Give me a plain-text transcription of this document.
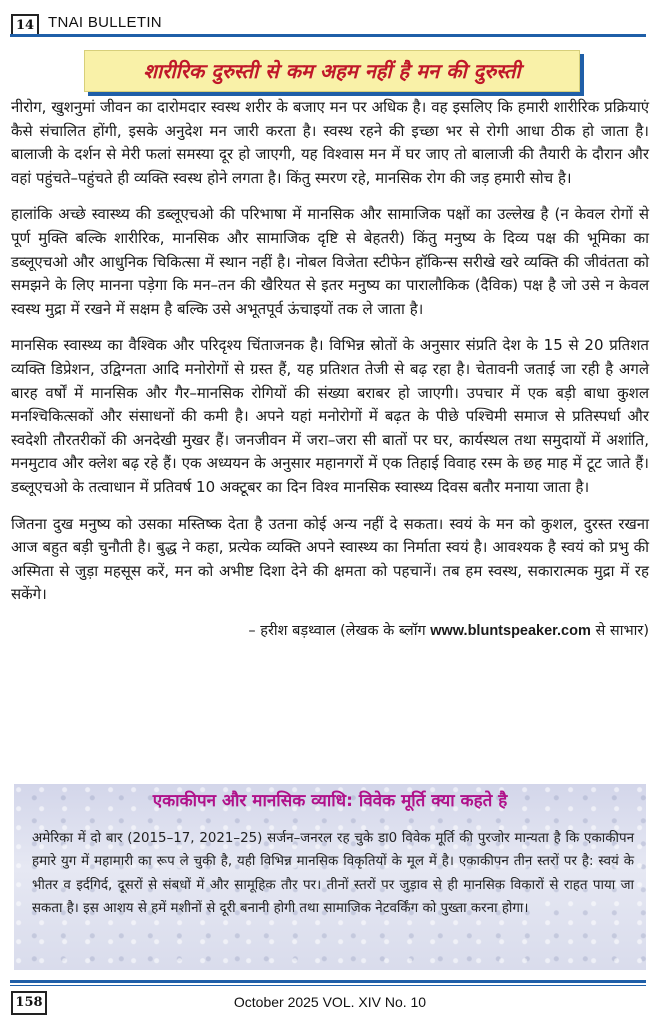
14 TNAI BULLETIN
शारीरिक दुरुस्ती से कम अहम नहीं है मन की दुरुस्ती

नीरोग, खुशनुमां जीवन का दारोमदार स्वस्थ शरीर के बजाए मन पर अधिक है। वह इसलिए कि हमारी शारीरिक प्रक्रियाएं कैसे संचालित होंगी, इसके अनुदेश मन जारी करता है। स्वस्थ रहने की इच्छा भर से रोगी आधा ठीक हो जाता है। बालाजी के दर्शन से मेरी फलां समस्या दूर हो जाएगी, यह विश्वास मन में घर जाए तो बालाजी की तैयारी के दौरान और वहां पहुंचते–पहुंचते ही व्यक्ति स्वस्थ होने लगता है। किंतु स्मरण रहे, मानसिक रोग की जड़ हमारी सोच है।

हालांकि अच्छे स्वास्थ्य की डब्लूएचओ की परिभाषा में मानसिक और सामाजिक पक्षों का उल्लेख है (न केवल रोगों से पूर्ण मुक्ति बल्कि शारीरिक, मानसिक और सामाजिक दृष्टि से बेहतरी) किंतु मनुष्य के दिव्य पक्ष की भूमिका का डब्लूएचओ और आधुनिक चिकित्सा में स्थान नहीं है। नोबल विजेता स्टीफेन हॉकिन्स सरीखे खरे व्यक्ति की जीवंतता को समझने के लिए मानना पड़ेगा कि मन–तन की खैरियत से इतर मनुष्य का पारालौकिक (दैविक) पक्ष है जो उसे न केवल स्वस्थ मुद्रा में रखने में सक्षम है बल्कि उसे अभूतपूर्व ऊंचाइयों तक ले जाता है।

मानसिक स्वास्थ्य का वैश्विक और परिदृश्य चिंताजनक है। विभिन्न स्रोतों के अनुसार संप्रति देश के 15 से 20 प्रतिशत व्यक्ति डिप्रेशन, उद्विग्नता आदि मनोरोगों से ग्रस्त हैं, यह प्रतिशत तेजी से बढ़ रहा है। चेतावनी जताई जा रही है अगले बारह वर्षों में मानसिक और गैर–मानसिक रोगियों की संख्या बराबर हो जाएगी। उपचार में एक बड़ी बाधा कुशल मनश्चिकित्सकों और संसाधनों की कमी है। अपने यहां मनोरोगों में बढ़त के पीछे पश्चिमी समाज से प्रतिस्पर्धा और स्वदेशी तौरतरीकों की अनदेखी मुखर हैं। जनजीवन में जरा–जरा सी बातों पर घर, कार्यस्थल तथा समुदायों में अशांति, मनमुटाव और क्लेश बढ़ रहे हैं। एक अध्ययन के अनुसार महानगरों में एक तिहाई विवाह रस्म के छह माह में टूट जाते हैं। डब्लूएचओ के तत्वाधान में प्रतिवर्ष 10 अक्टूबर का दिन विश्व मानसिक स्वास्थ्य दिवस बतौर मनाया जाता है।

जितना दुख मनुष्य को उसका मस्तिष्क देता है उतना कोई अन्य नहीं दे सकता। स्वयं के मन को कुशल, दुरस्त रखना आज बहुत बड़ी चुनौती है। बुद्ध ने कहा, प्रत्येक व्यक्ति अपने स्वास्थ्य का निर्माता स्वयं है। आवश्यक है स्वयं को प्रभु की अस्मिता से जुड़ा महसूस करें, मन को अभीष्ट दिशा देने की क्षमता को पहचानें। तब हम स्वस्थ, सकारात्मक मुद्रा में रह सकेंगे।

– हरीश बड़थ्वाल (लेखक के ब्लॉग www.bluntspeaker.com से साभार)

एकाकीपन और मानसिक व्याधि: विवेक मूर्ति क्या कहते है
अमेरिका में दो बार (2015–17, 2021–25) सर्जन–जनरल रह चुके डा0 विवेक मूर्ति की पुरजोर मान्यता है कि एकाकीपन हमारे युग में महामारी का रूप ले चुकी है, यही विभिन्न मानसिक विकृतियों के मूल में है। एकाकीपन तीन स्तरों पर है: स्वयं के भीतर व इर्दगिर्द, दूसरों से संबधों में और सामूहिक तौर पर। तीनों स्तरों पर जुड़ाव से ही मानसिक विकारों से राहत पाया जा सकता है। इस आशय से हमें मशीनों से दूरी बनानी होगी तथा सामाजिक नेटवर्किंग को पुख्ता करना होगा।
158	October 2025 VOL. XIV No. 10
